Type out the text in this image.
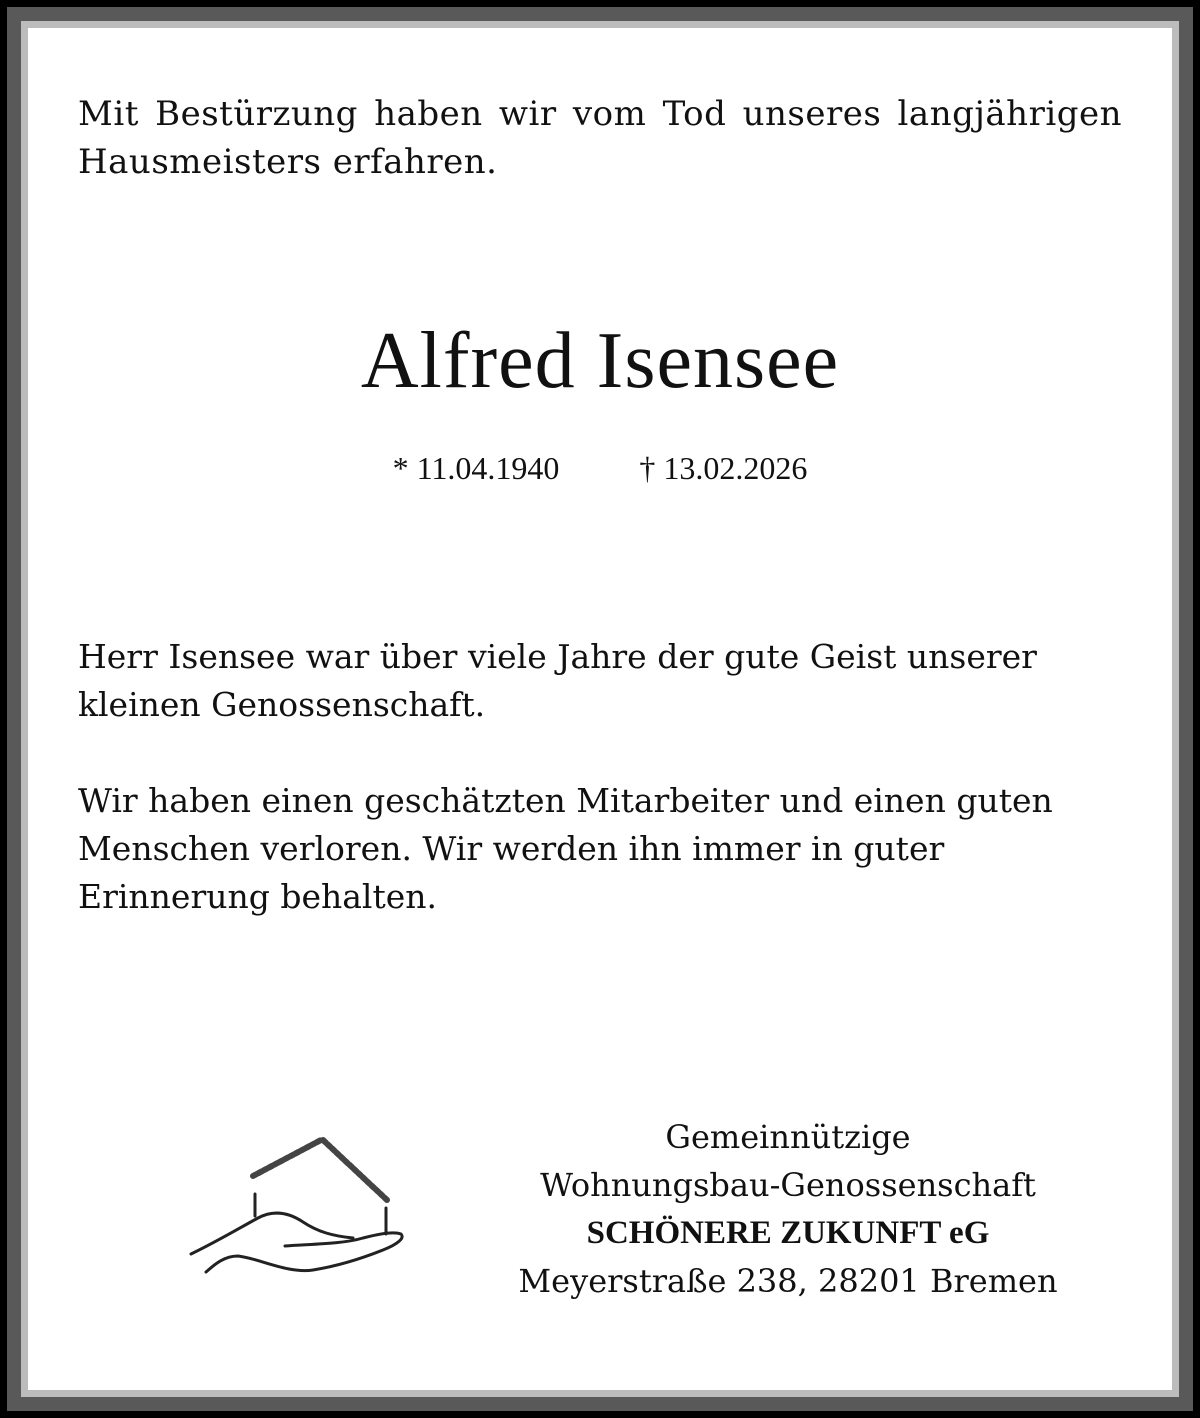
Mit Bestürzung haben wir vom Tod unseres langjährigen
Hausmeisters erfahren.
Alfred Isensee
* 11.04.1940	† 13.02.2026

Herr Isensee war über viele Jahre der gute Geist unserer kleinen Genossenschaft.

Wir haben einen geschätzten Mitarbeiter und einen guten Menschen verloren. Wir werden ihn immer in guter Erinnerung behalten.

Gemeinnützige
Wohnungsbau-Genossenschaft
SCHÖNERE ZUKUNFT eG
Meyerstraße 238, 28201 Bremen
